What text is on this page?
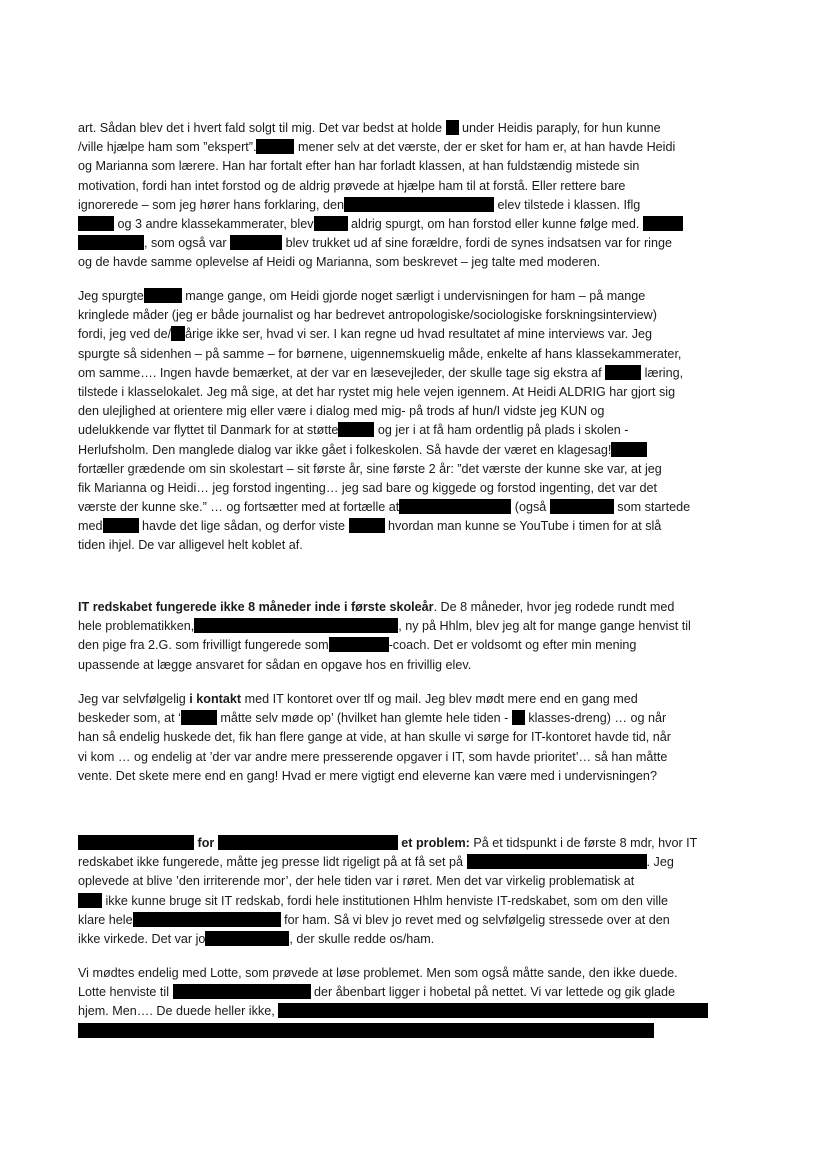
art. Sådan blev det i hvert fald solgt til mig. Det var bedst at holde  under Heidis paraply, for hun kunne
/ville hjælpe ham som ”ekspert”.	mener selv at det værste, der er sket for ham er, at han havde Heidi
og Marianna som lærere. Han har fortalt efter han har forladt klassen, at han fuldstændig mistede sin
motivation, fordi han intet forstod og de aldrig prøvede at hjælpe ham til at forstå. Eller rettere bare
ignorerede – som jeg hører hans forklaring, den	elev tilstede i klassen. Iflg
og 3 andre klassekammerater, blev	aldrig spurgt, om han forstod eller kunne følge med.
, som også var	blev trukket ud af sine forældre, fordi de synes indsatsen var for ringe
og de havde samme oplevelse af Heidi og Marianna, som beskrevet – jeg talte med moderen.
Jeg spurgte	mange gange, om Heidi gjorde noget særligt i undervisningen for ham – på mange
kringlede måder (jeg er både journalist og har bedrevet antropologiske/sociologiske forskningsinterview)
fordi, jeg ved de/ årige ikke ser, hvad vi ser. I kan regne ud hvad resultatet af mine interviews var. Jeg
spurgte så sidenhen – på samme – for børnene, uigennemskuelig måde, enkelte af hans klassekammerater,
om samme…. Ingen havde bemærket, at der var en læsevejleder, der skulle tage sig ekstra af	læring,
tilstede i klasselokalet. Jeg må sige, at det har rystet mig hele vejen igennem. At Heidi ALDRIG har gjort sig
den ulejlighed at orientere mig eller være i dialog med mig- på trods af hun/I vidste jeg KUN og
udelukkende var flyttet til Danmark for at støtte	og jer i at få ham ordentlig på plads i skolen -
Herlufsholm. Den manglede dialog var ikke gået i folkeskolen. Så havde der været en klagesag!
fortæller grædende om sin skolestart – sit første år, sine første 2 år: ”det værste der kunne ske var, at jeg
fik Marianna og Heidi… jeg forstod ingenting… jeg sad bare og kiggede og forstod ingenting, det var det
værste der kunne ske.” … og fortsætter med at fortælle at	(også	som startede
med	havde det lige sådan, og derfor viste	hvordan man kunne se YouTube i timen for at slå
tiden ihjel. De var alligevel helt koblet af.
IT redskabet fungerede ikke 8 måneder inde i første skoleår. De 8 måneder, hvor jeg rodede rundt med
hele problematikken,	, ny på Hhlm, blev jeg alt for mange gange henvist til
den pige fra 2.G. som frivilligt fungerede som	-coach. Det er voldsomt og efter min mening
upassende at lægge ansvaret for sådan en opgave hos en frivillig elev.
Jeg var selvfølgelig i kontakt med IT kontoret over tlf og mail. Jeg blev mødt mere end en gang med
beskeder som, at ‘	måtte selv møde op’ (hvilket han glemte hele tiden -  klasses-dreng) … og når
han så endelig huskede det, fik han flere gange at vide, at han skulle vi sørge for IT-kontoret havde tid, når
vi kom … og endelig at ’der var andre mere presserende opgaver i IT, som havde prioritet’… så han måtte
vente. Det skete mere end en gang! Hvad er mere vigtigt end eleverne kan være med i undervisningen?
for	et problem: På et tidspunkt i de første 8 mdr, hvor IT
redskabet ikke fungerede, måtte jeg presse lidt rigeligt på at få set på	. Jeg
oplevede at blive ’den irriterende mor’, der hele tiden var i røret. Men det var virkelig problematisk at
ikke kunne bruge sit IT redskab, fordi hele institutionen Hhlm henviste IT-redskabet, som om den ville
klare hele	for ham. Så vi blev jo revet med og selvfølgelig stressede over at den
ikke virkede. Det var jo	, der skulle redde os/ham.
Vi mødtes endelig med Lotte, som prøvede at løse problemet. Men som også måtte sande, den ikke duede.
Lotte henviste til	der åbenbart ligger i hobetal på nettet. Vi var lettede og gik glade
hjem. Men…. De duede heller ikke,
